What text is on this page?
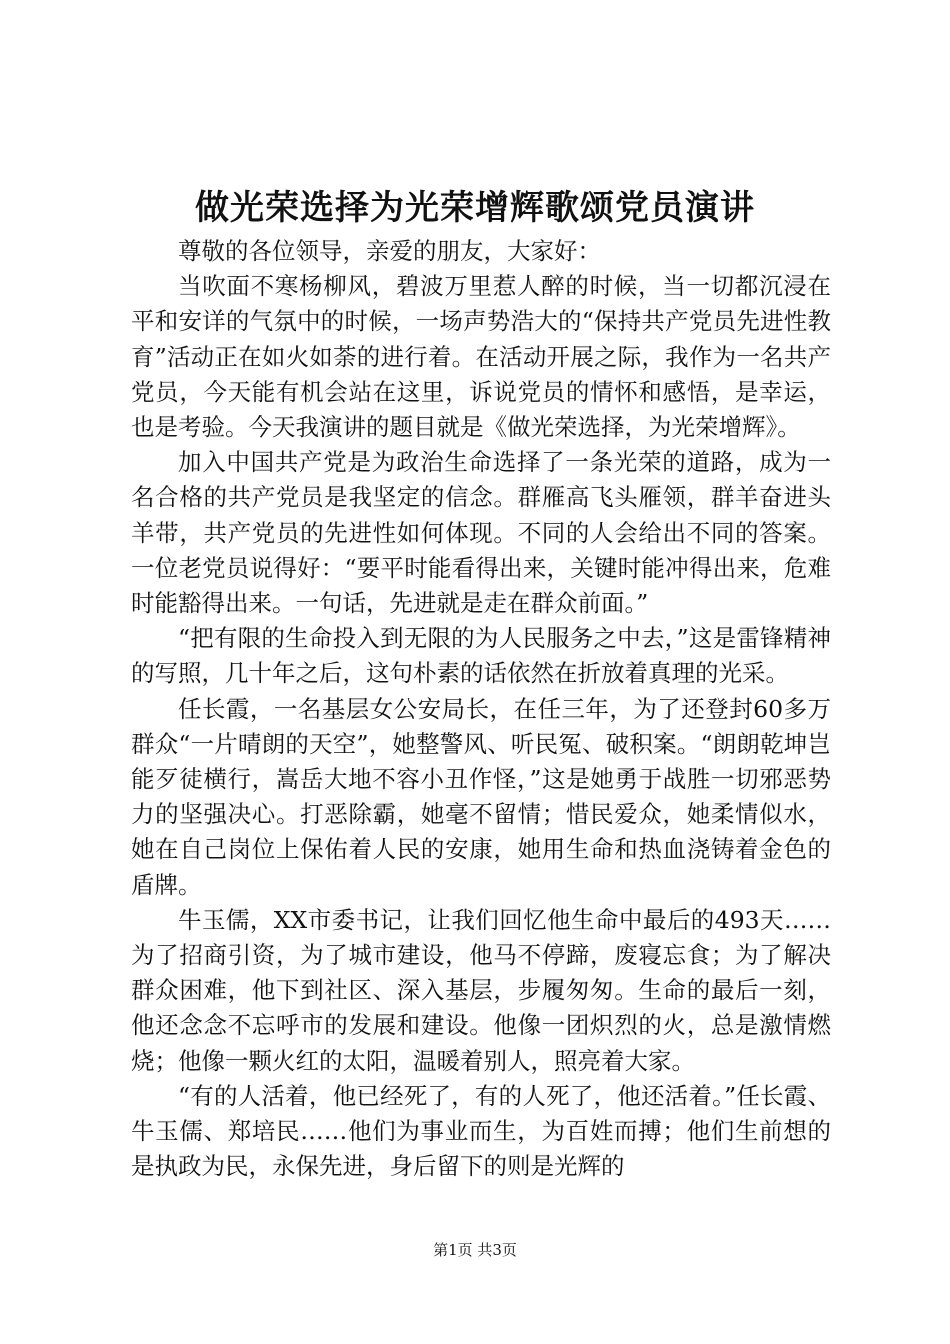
做光荣选择为光荣增辉歌颂党员演讲

尊敬的各位领导，亲爱的朋友，大家好：

当吹面不寒杨柳风，碧波万里惹人醉的时候，当一切都沉浸在平和安详的气氛中的时候，一场声势浩大的“保持共产党员先进性教育”活动正在如火如荼的进行着。在活动开展之际，我作为一名共产党员，今天能有机会站在这里，诉说党员的情怀和感悟，是幸运，也是考验。今天我演讲的题目就是《做光荣选择，为光荣增辉》。

加入中国共产党是为政治生命选择了一条光荣的道路，成为一名合格的共产党员是我坚定的信念。群雁高飞头雁领，群羊奋进头羊带，共产党员的先进性如何体现。不同的人会给出不同的答案。一位老党员说得好：“要平时能看得出来，关键时能冲得出来，危难时能豁得出来。一句话，先进就是走在群众前面。”

“把有限的生命投入到无限的为人民服务之中去，”这是雷锋精神的写照，几十年之后，这句朴素的话依然在折放着真理的光采。

任长霞，一名基层女公安局长，在任三年，为了还登封60多万群众“一片晴朗的天空”，她整警风、听民冤、破积案。“朗朗乾坤岂能歹徒横行，嵩岳大地不容小丑作怪，”这是她勇于战胜一切邪恶势力的坚强决心。打恶除霸，她毫不留情；惜民爱众，她柔情似水，她在自己岗位上保佑着人民的安康，她用生命和热血浇铸着金色的盾牌。

牛玉儒，XX市委书记，让我们回忆他生命中最后的493天……为了招商引资，为了城市建设，他马不停蹄，废寝忘食；为了解决群众困难，他下到社区、深入基层，步履匆匆。生命的最后一刻，他还念念不忘呼市的发展和建设。他像一团炽烈的火，总是激情燃烧；他像一颗火红的太阳，温暖着别人，照亮着大家。

“有的人活着，他已经死了，有的人死了，他还活着。”任长霞、牛玉儒、郑培民……他们为事业而生，为百姓而搏；他们生前想的是执政为民，永保先进，身后留下的则是光辉的

第1页 共3页
